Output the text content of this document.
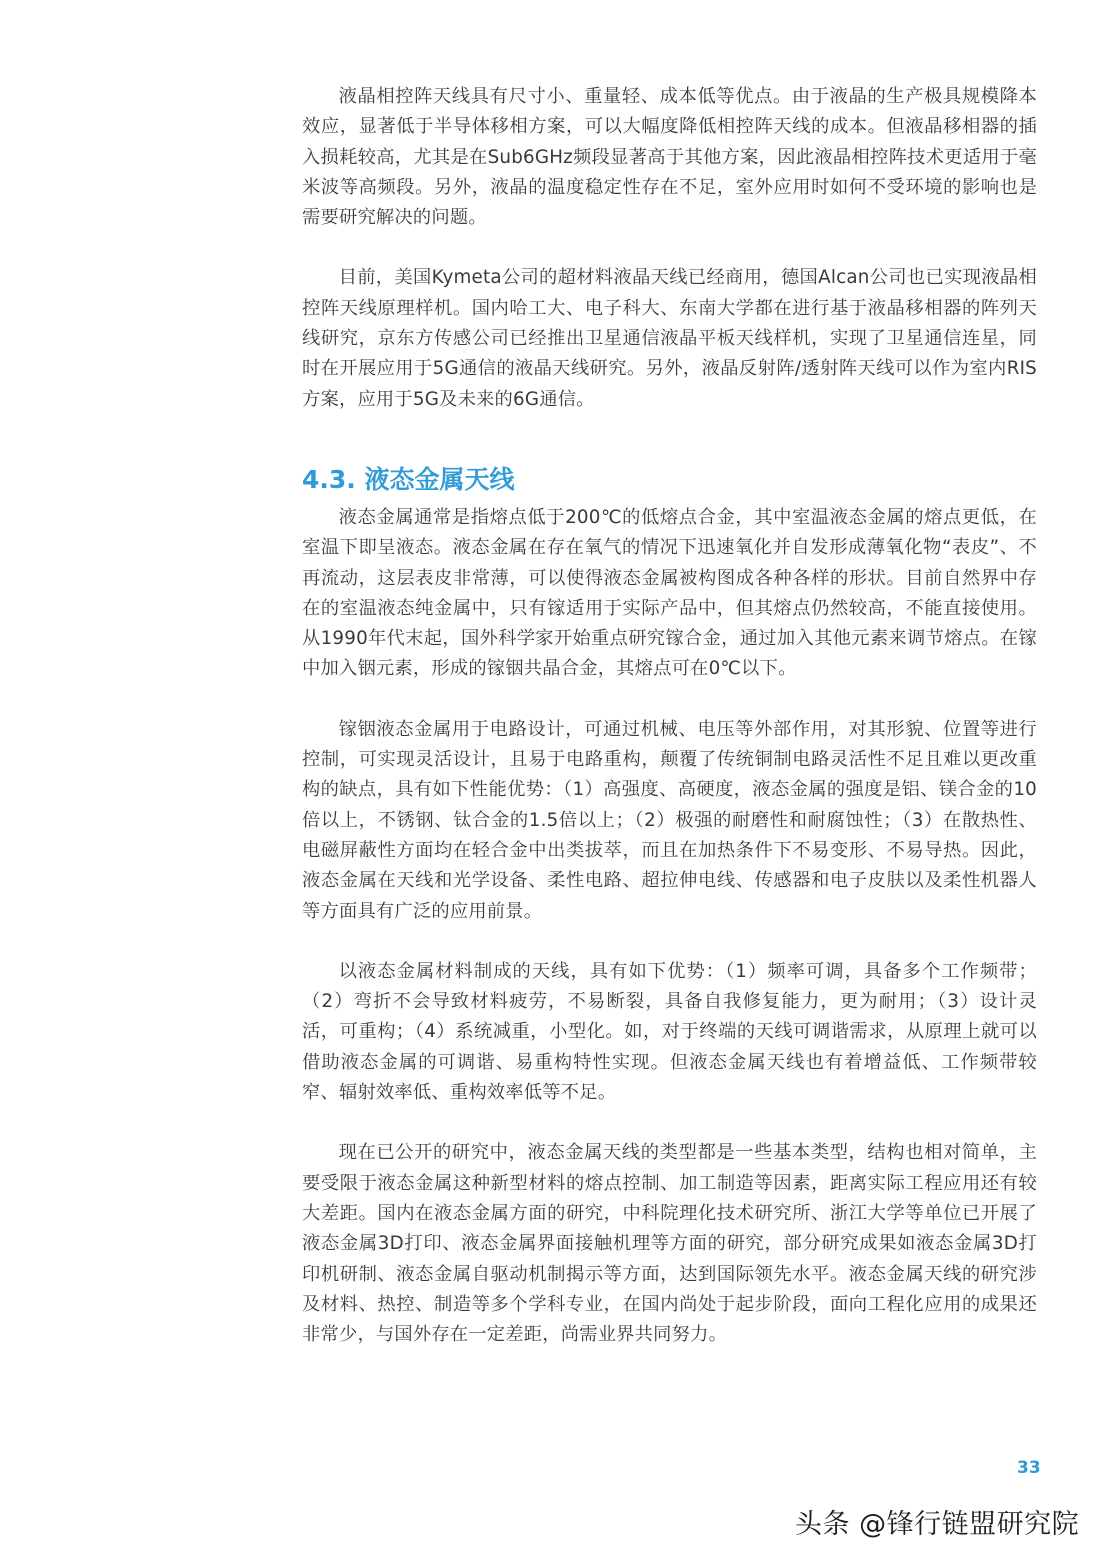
液晶相控阵天线具有尺寸小、重量轻、成本低等优点。由于液晶的生产极具规模降本效应，显著低于半导体移相方案，可以大幅度降低相控阵天线的成本。但液晶移相器的插入损耗较高，尤其是在Sub6GHz频段显著高于其他方案，因此液晶相控阵技术更适用于毫米波等高频段。另外，液晶的温度稳定性存在不足，室外应用时如何不受环境的影响也是需要研究解决的问题。

目前，美国Kymeta公司的超材料液晶天线已经商用，德国Alcan公司也已实现液晶相控阵天线原理样机。国内哈工大、电子科大、东南大学都在进行基于液晶移相器的阵列天线研究，京东方传感公司已经推出卫星通信液晶平板天线样机，实现了卫星通信连星，同时在开展应用于5G通信的液晶天线研究。另外，液晶反射阵/透射阵天线可以作为室内RIS方案，应用于5G及未来的6G通信。

4.3. 液态金属天线

液态金属通常是指熔点低于200℃的低熔点合金，其中室温液态金属的熔点更低，在室温下即呈液态。液态金属在存在氧气的情况下迅速氧化并自发形成薄氧化物“表皮”、不再流动，这层表皮非常薄，可以使得液态金属被构图成各种各样的形状。目前自然界中存在的室温液态纯金属中，只有镓适用于实际产品中，但其熔点仍然较高，不能直接使用。从1990年代末起，国外科学家开始重点研究镓合金，通过加入其他元素来调节熔点。在镓中加入铟元素，形成的镓铟共晶合金，其熔点可在0℃以下。

镓铟液态金属用于电路设计，可通过机械、电压等外部作用，对其形貌、位置等进行控制，可实现灵活设计，且易于电路重构，颠覆了传统铜制电路灵活性不足且难以更改重构的缺点，具有如下性能优势：（1）高强度、高硬度，液态金属的强度是铝、镁合金的10倍以上，不锈钢、钛合金的1.5倍以上；（2）极强的耐磨性和耐腐蚀性；（3）在散热性、电磁屏蔽性方面均在轻合金中出类拔萃，而且在加热条件下不易变形、不易导热。因此，液态金属在天线和光学设备、柔性电路、超拉伸电线、传感器和电子皮肤以及柔性机器人等方面具有广泛的应用前景。

以液态金属材料制成的天线，具有如下优势：（1）频率可调，具备多个工作频带；（2）弯折不会导致材料疲劳，不易断裂，具备自我修复能力，更为耐用；（3）设计灵活，可重构；（4）系统减重，小型化。如，对于终端的天线可调谐需求，从原理上就可以借助液态金属的可调谐、易重构特性实现。但液态金属天线也有着增益低、工作频带较窄、辐射效率低、重构效率低等不足。

现在已公开的研究中，液态金属天线的类型都是一些基本类型，结构也相对简单，主要受限于液态金属这种新型材料的熔点控制、加工制造等因素，距离实际工程应用还有较大差距。国内在液态金属方面的研究，中科院理化技术研究所、浙江大学等单位已开展了液态金属3D打印、液态金属界面接触机理等方面的研究，部分研究成果如液态金属3D打印机研制、液态金属自驱动机制揭示等方面，达到国际领先水平。液态金属天线的研究涉及材料、热控、制造等多个学科专业，在国内尚处于起步阶段，面向工程化应用的成果还非常少，与国外存在一定差距，尚需业界共同努力。

33
头条 @锋行链盟研究院
